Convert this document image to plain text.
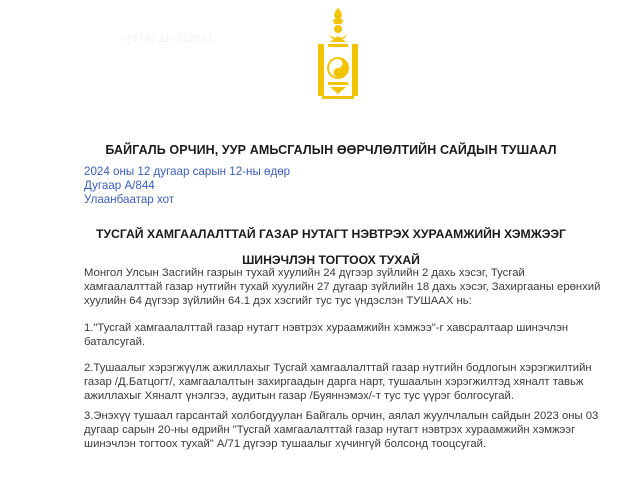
+(976) 11-312511
БАЙГАЛЬ ОРЧИН, УУР АМЬСГАЛЫН ӨӨРЧЛӨЛТИЙН САЙДЫН ТУШААЛ
2024 оны 12 дугаар сарын 12-ны өдөр
Дугаар А/844
Улаанбаатар хот
ТУСГАЙ ХАМГААЛАЛТТАЙ ГАЗАР НУТАГТ НЭВТРЭХ ХУРААМЖИЙН ХЭМЖЭЭГ ШИНЭЧЛЭН ТОГТООХ ТУХАЙ
Монгол Улсын Засгийн газрын тухай хуулийн 24 дүгээр зүйлийн 2 дахь хэсэг, Тусгай хамгаалалттай газар нутгийн тухай хуулийн 27 дугаар зүйлийн 18 дахь хэсэг, Захиргааны ерөнхий хуулийн 64 дүгээр зүйлийн 64.1 дэх хэсгийг тус тус үндэслэн ТУШААХ нь:
1."Тусгай хамгаалалттай газар нутагт нэвтрэх хураамжийн хэмжээ"-г хавсралтаар шинэчлэн баталсугай.
2.Тушаалыг хэрэгжүүлж ажиллахыг Тусгай хамгаалалттай газар нутгийн бодлогын хэрэгжилтийн газар /Д.Батцогт/, хамгаалалтын захиргаадын дарга нарт, тушаалын хэрэгжилтэд хяналт тавьж ажиллахыг Хяналт үнэлгээ, аудитын газар /Буяннэмэх/-т тус тус үүрэг болгосугай.
3.Энэхүү тушаал гарсантай холбогдуулан Байгаль орчин, аялал жуулчлалын сайдын 2023 оны 03 дугаар сарын 20-ны өдрийн "Тусгай хамгаалалттай газар нутагт нэвтрэх хураамжийн хэмжээг шинэчлэн тогтоох тухай" А/71 дүгээр тушаалыг хүчингүй болсонд тооцсугай.
